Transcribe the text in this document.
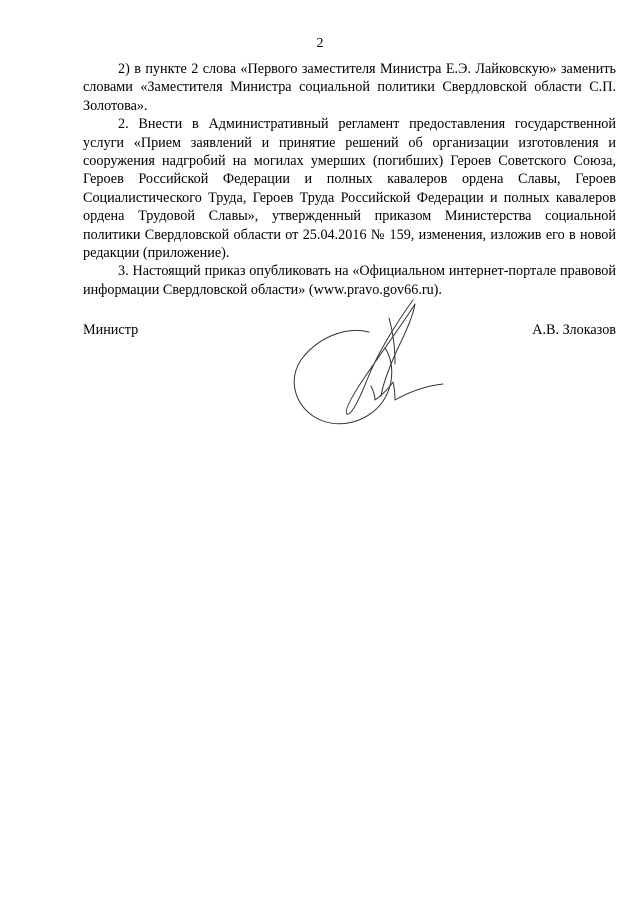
2

2) в пункте 2 слова «Первого заместителя Министра Е.Э. Лайковскую» заменить словами «Заместителя Министра социальной политики Свердловской области С.П. Золотова».

2. Внести в Административный регламент предоставления государственной услуги «Прием заявлений и принятие решений об организации изготовления и сооружения надгробий на могилах умерших (погибших) Героев Советского Союза, Героев Российской Федерации и полных кавалеров ордена Славы, Героев Социалистического Труда, Героев Труда Российской Федерации и полных кавалеров ордена Трудовой Славы», утвержденный приказом Министерства социальной политики Свердловской области от 25.04.2016 № 159, изменения, изложив его в новой редакции (приложение).

3. Настоящий приказ опубликовать на «Официальном интернет-портале правовой информации Свердловской области» (www.pravo.gov66.ru).

Министр	А.В. Злоказов
